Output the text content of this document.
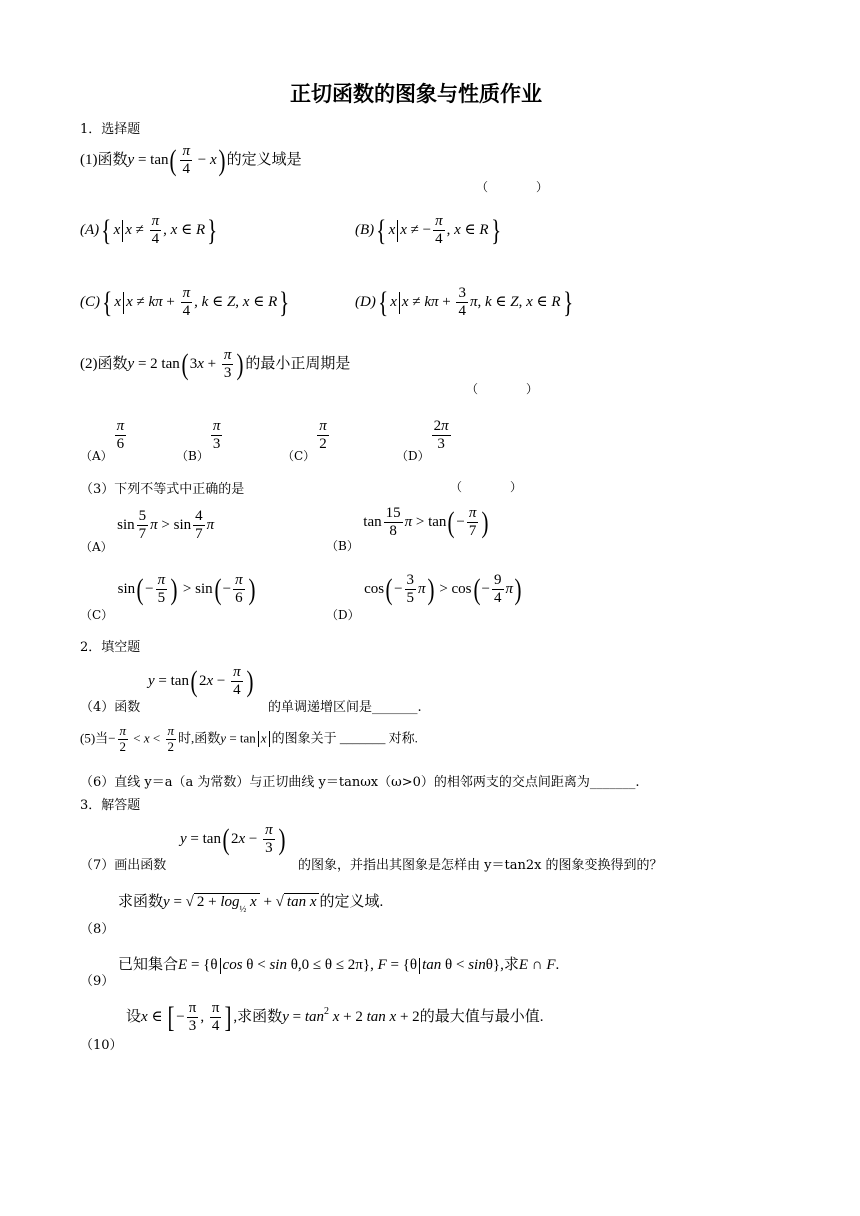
正切函数的图象与性质作业
1．选择题
(1)函数$y = \tan( \frac{\pi}{4} - x)$ 的定义域是
（　　　　）
(A){ x $x \ne \frac{\pi}{4}$ , x ∈ R}	(B){ x x ≠ − $\frac{\pi}{4}$ , x ∈ R}
(C){ x $x \ne k\pi + \frac{\pi}{4}$ , k ∈ Z, x ∈ R}	(D){ x $x \ne k\pi + \frac{3}{4} \pi$, k ∈ Z, x ∈ R}
(2)函数y = 2 tan( $3x + \frac{\pi}{3}$ ) 的最小正周期是
（　　　　）
（A）
$\frac{\pi}{6}$
（B）
$\frac{\pi}{3}$
（C）
$\frac{\pi}{2}$
（D）
$\frac{2\pi}{3}$
（3）下列不等式中正确的是	（　　　　）
（A） $\sin \frac{5}{7}$ $\pi > \sin \frac{4}{7}$ π
（B） $\tan \frac{15}{8}$ $\pi > \tan( - \frac{\pi}{7}$ )
（C） $\sin( - \frac{\pi}{5}$ ) > $\sin( - \frac{\pi}{6}$ )
（D） $\cos( - \frac{3}{5} \pi) > \cos( - \frac{9}{4} \pi)$
2．填空题
y = tan( $2x - \frac{\pi}{4}$ )
（4）函数	的单调递增区间是_______.
(5)当− $\frac{\pi}{2} < x < \frac{\pi}{2}$ 时,函数y = tan x 的图象关于 _______ 对称.
（6）直线 y＝a（a 为常数）与正切曲线 y＝tanωx（ω>0）的相邻两支的交点间距离为_______.
3．解答题
y = tan( $2x - \frac{\pi}{3}$ )
（7）画出函数	的图象，并指出其图象是怎样由 y＝tan2x 的图象变换得到的？
（8）
求函数y = √ $2 + \log_{\frac{1}{2}} x$ + √ tan x 的定义域.
（9）
已知集合E = {θ cos θ < sin θ,0 ≤ θ ≤ 2π}, F = {θ tan θ < sinθ},求E ∩ F.
（10）
设x ∈ [ − $\frac{\pi}{3}$ , $\frac{\pi}{4}$ ] ,求函数$y = \tan^2 x + 2$ tan x + 2的最大值与最小值.
